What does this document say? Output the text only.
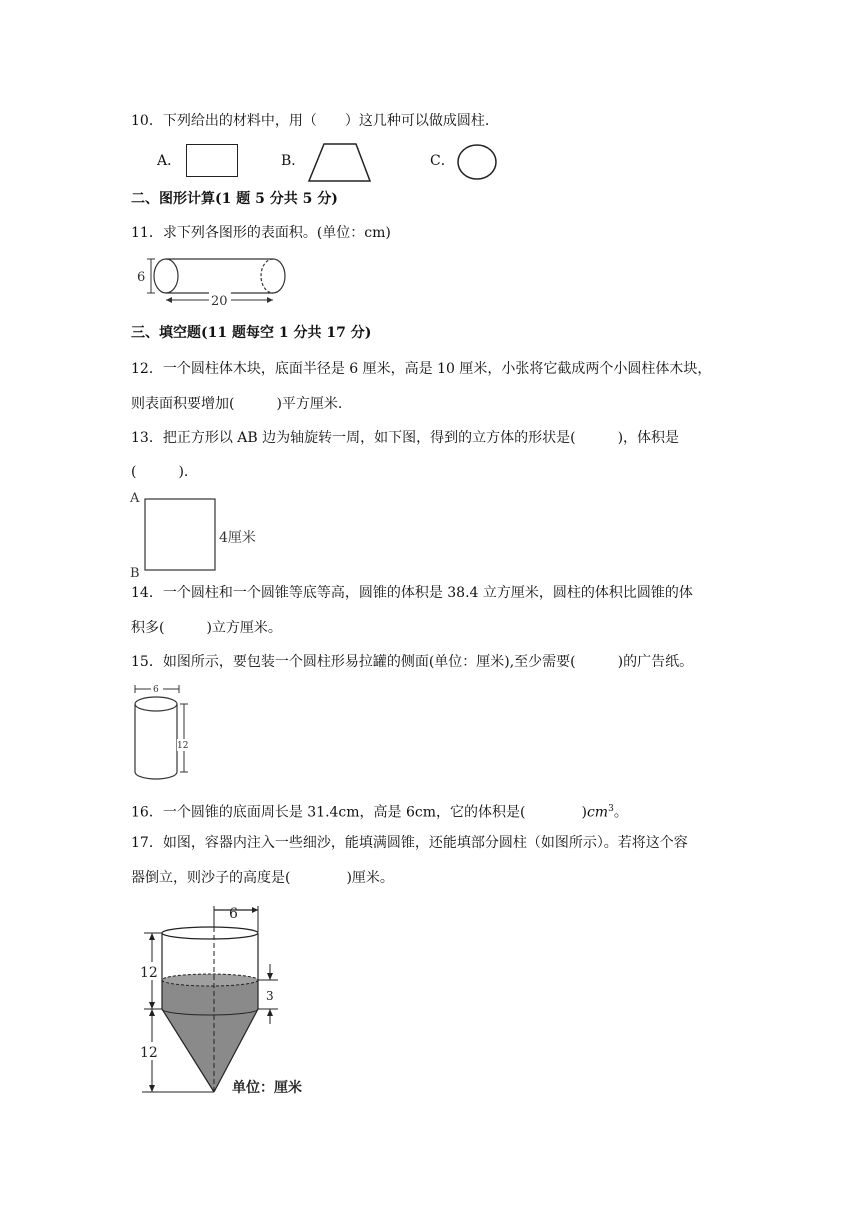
10．下列给出的材料中，用（　　）这几种可以做成圆柱.
A．	B．	C．
二、图形计算(1 题 5 分共 5 分)
11．求下列各图形的表面积。(单位：cm)
6
20
三、填空题(11 题每空 1 分共 17 分)
12．一个圆柱体木块，底面半径是 6 厘米，高是 10 厘米，小张将它截成两个小圆柱体木块，
则表面积要增加(　　　)平方厘米.
13．把正方形以 AB 边为轴旋转一周，如下图，得到的立方体的形状是(　　　)，体积是
(　　　).
A
B
4厘米
14．一个圆柱和一个圆锥等底等高，圆锥的体积是 38.4 立方厘米，圆柱的体积比圆锥的体
积多(　　　)立方厘米。
15．如图所示，要包装一个圆柱形易拉罐的侧面(单位：厘米),至少需要(　　　)的广告纸。
6
12
16．一个圆锥的底面周长是 31.4cm，高是 6cm，它的体积是(　　　　)$cm^3$。
17．如图，容器内注入一些细沙，能填满圆锥，还能填部分圆柱（如图所示）。若将这个容
器倒立，则沙子的高度是(　　　　)厘米。
6
12
12
3
单位：厘米
